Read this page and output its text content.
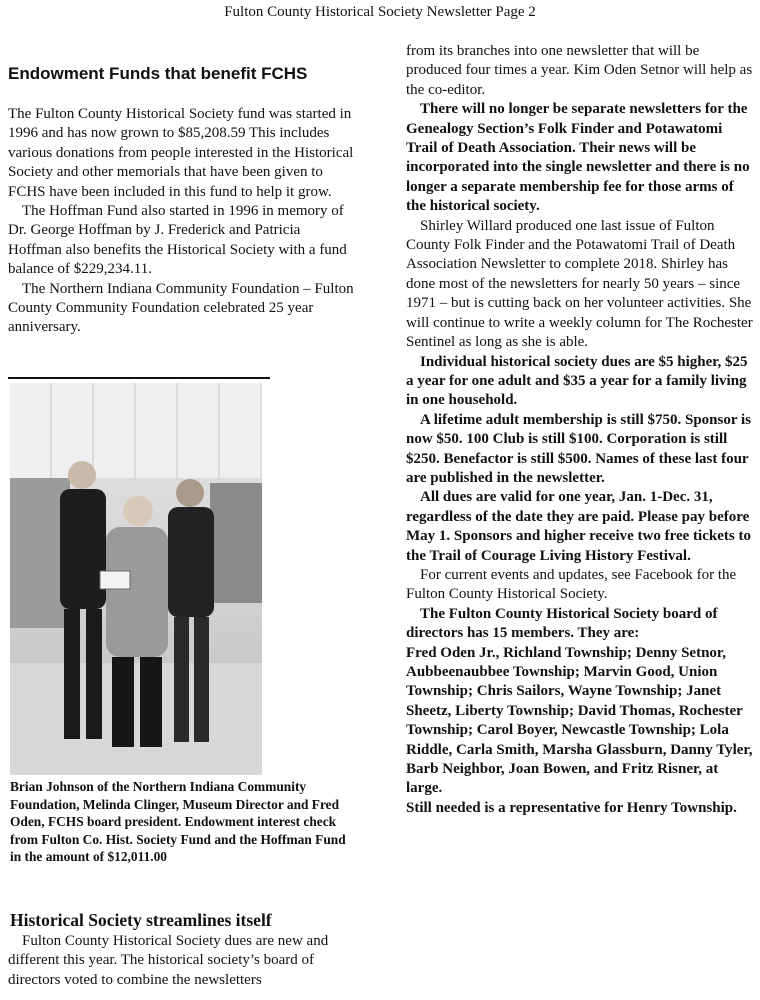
Fulton County Historical Society Newsletter Page 2
Endowment Funds that benefit FCHS

The Fulton County Historical Society fund was started in 1996 and has now grown to $85,208.59 This includes various donations from people interested in the Historical Society and other memorials that have been given to FCHS have been included in this fund to help it grow.

The Hoffman Fund also started in 1996 in memory of Dr. George Hoffman by J. Frederick and Patricia Hoffman also benefits the Historical Society with a fund balance of $229,234.11.

The Northern Indiana Community Foundation – Fulton County Community Foundation celebrated 25 year anniversary.

Brian Johnson of the Northern Indiana Community Foundation, Melinda Clinger, Museum Director and Fred Oden, FCHS board president. Endowment interest check from Fulton Co. Hist. Society Fund and the Hoffman Fund in the amount of $12,011.00
Historical Society streamlines itself

Fulton County Historical Society dues are new and different this year. The historical society’s board of directors voted to combine the newsletters

from its branches into one newsletter that will be produced four times a year. Kim Oden Setnor will help as the co-editor.

There will no longer be separate newsletters for the Genealogy Section’s Folk Finder and Potawatomi Trail of Death Association. Their news will be incorporated into the single newsletter and there is no longer a separate membership fee for those arms of the historical society.

Shirley Willard produced one last issue of Fulton County Folk Finder and the Potawatomi Trail of Death Association Newsletter to complete 2018. Shirley has done most of the newsletters for nearly 50 years – since 1971 – but is cutting back on her volunteer activities. She will continue to write a weekly column for The Rochester Sentinel as long as she is able.

Individual historical society dues are $5 higher, $25 a year for one adult and $35 a year for a family living in one household.

A lifetime adult membership is still $750. Sponsor is now $50. 100 Club is still $100. Corporation is still $250. Benefactor is still $500. Names of these last four are published in the newsletter.

All dues are valid for one year, Jan. 1-Dec. 31, regardless of the date they are paid. Please pay before May 1. Sponsors and higher receive two free tickets to the Trail of Courage Living History Festival.

For current events and updates, see Facebook for the Fulton County Historical Society.

The Fulton County Historical Society board of directors has 15 members. They are:

Fred Oden Jr., Richland Township; Denny Setnor, Aubbeenaubbee Township; Marvin Good, Union Township; Chris Sailors, Wayne Township; Janet Sheetz, Liberty Township; David Thomas, Rochester Township; Carol Boyer, Newcastle Township; Lola Riddle, Carla Smith, Marsha Glassburn, Danny Tyler, Barb Neighbor, Joan Bowen, and Fritz Risner, at large.

Still needed is a representative for Henry Township.
